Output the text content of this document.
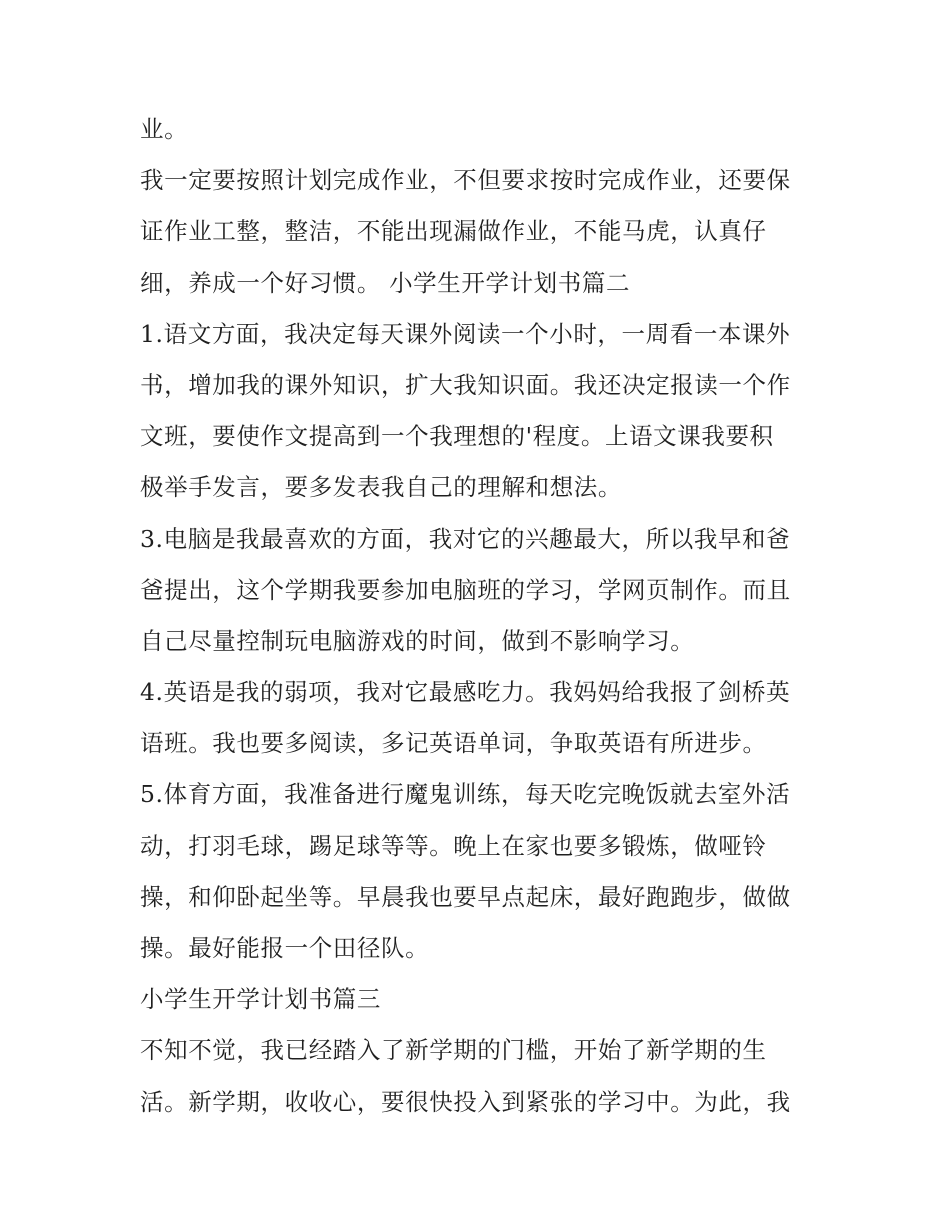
业。
我一定要按照计划完成作业，不但要求按时完成作业，还要保
证作业工整，整洁，不能出现漏做作业，不能马虎，认真仔
细，养成一个好习惯。 小学生开学计划书篇二
1.语文方面，我决定每天课外阅读一个小时，一周看一本课外
书，增加我的课外知识，扩大我知识面。我还决定报读一个作
文班，要使作文提高到一个我理想的'程度。上语文课我要积
极举手发言，要多发表我自己的理解和想法。
3.电脑是我最喜欢的方面，我对它的兴趣最大，所以我早和爸
爸提出，这个学期我要参加电脑班的学习，学网页制作。而且
自己尽量控制玩电脑游戏的时间，做到不影响学习。
4.英语是我的弱项，我对它最感吃力。我妈妈给我报了剑桥英
语班。我也要多阅读，多记英语单词，争取英语有所进步。
5.体育方面，我准备进行魔鬼训练，每天吃完晚饭就去室外活
动，打羽毛球，踢足球等等。晚上在家也要多锻炼，做哑铃
操，和仰卧起坐等。早晨我也要早点起床，最好跑跑步，做做
操。最好能报一个田径队。
小学生开学计划书篇三
不知不觉，我已经踏入了新学期的门槛，开始了新学期的生
活。新学期，收收心，要很快投入到紧张的学习中。为此，我
